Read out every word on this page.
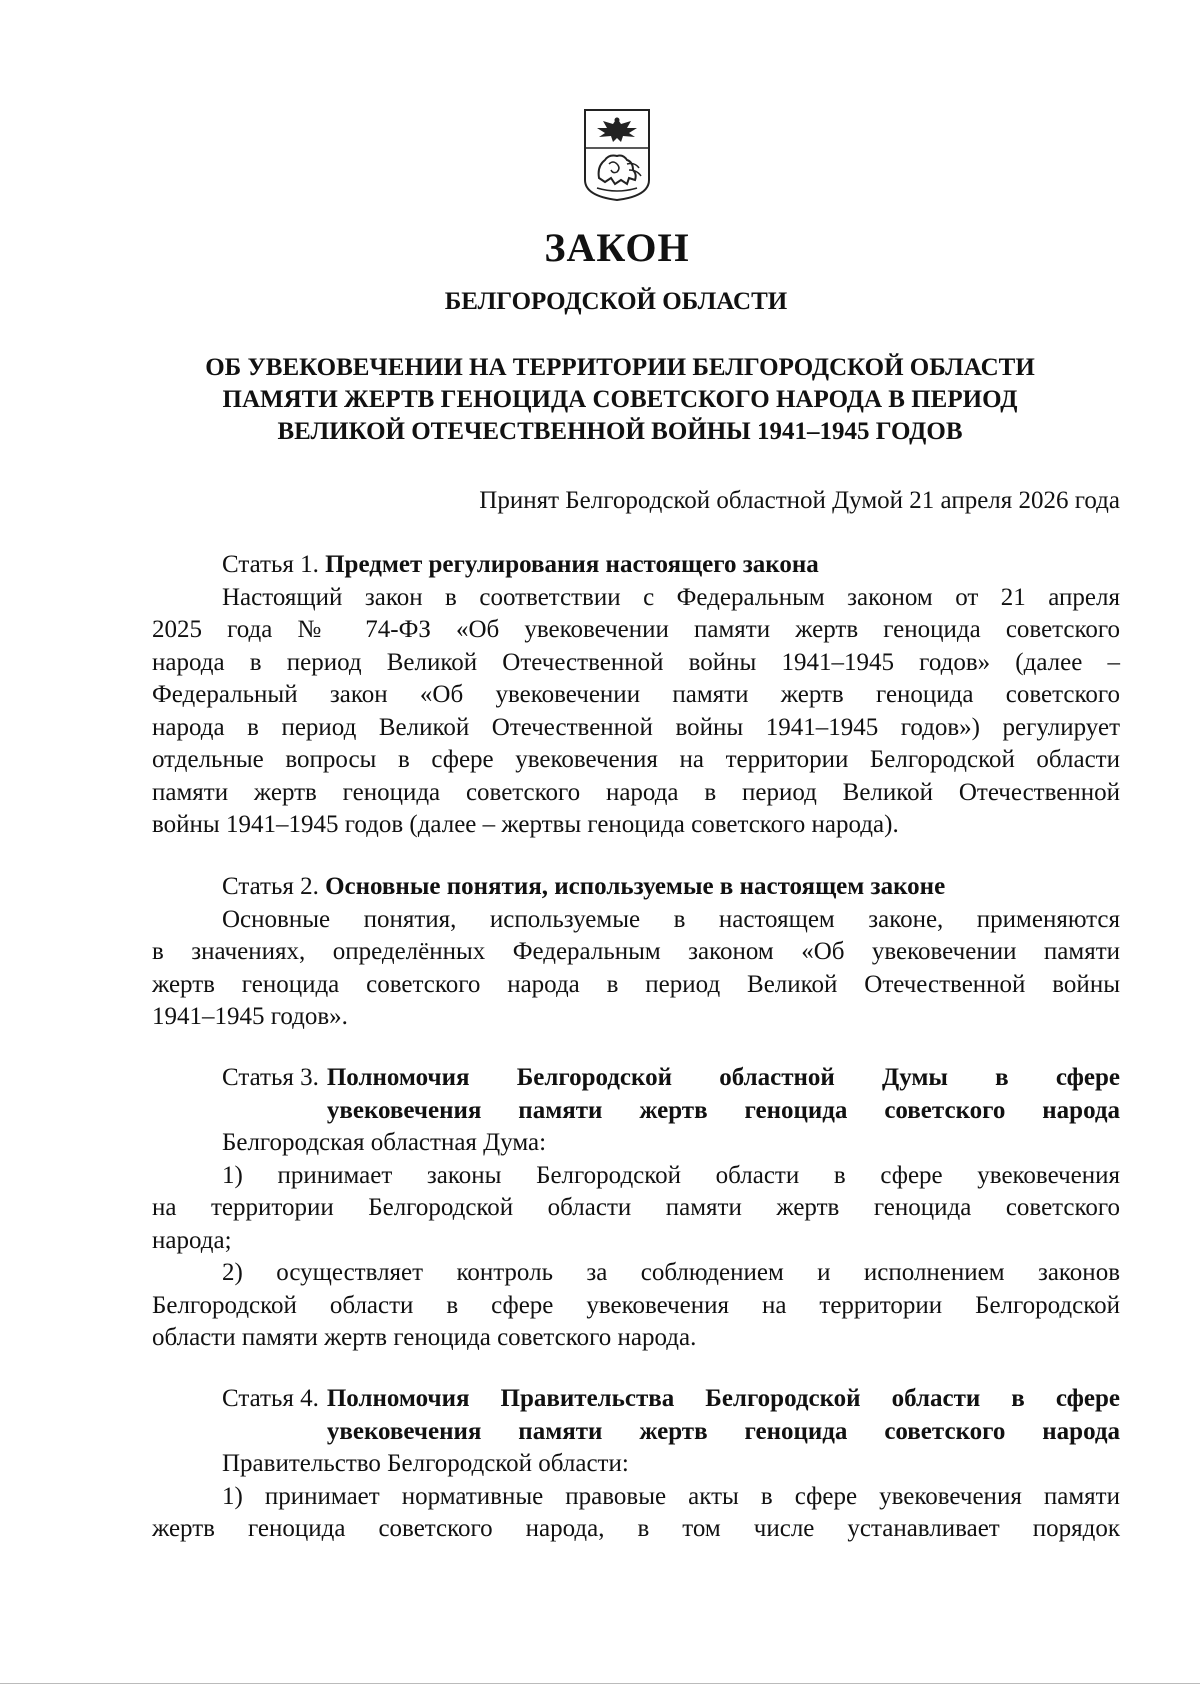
ЗАКОН
БЕЛГОРОДСКОЙ ОБЛАСТИ
ОБ УВЕКОВЕЧЕНИИ НА ТЕРРИТОРИИ БЕЛГОРОДСКОЙ ОБЛАСТИ
ПАМЯТИ ЖЕРТВ ГЕНОЦИДА СОВЕТСКОГО НАРОДА В ПЕРИОД
ВЕЛИКОЙ ОТЕЧЕСТВЕННОЙ ВОЙНЫ 1941–1945 ГОДОВ
Принят Белгородской областной Думой 21 апреля 2026 года
Статья 1. Предмет регулирования настоящего закона
Настоящий закон в соответствии с Федеральным законом от 21 апреля
2025 года № 74-ФЗ «Об увековечении памяти жертв геноцида советского
народа в период Великой Отечественной войны 1941–1945 годов» (далее –
Федеральный закон «Об увековечении памяти жертв геноцида советского
народа в период Великой Отечественной войны 1941–1945 годов») регулирует
отдельные вопросы в сфере увековечения на территории Белгородской области
памяти жертв геноцида советского народа в период Великой Отечественной
войны 1941–1945 годов (далее – жертвы геноцида советского народа).
Статья 2. Основные понятия, используемые в настоящем законе
Основные понятия, используемые в настоящем законе, применяются
в значениях, определённых Федеральным законом «Об увековечении памяти
жертв геноцида советского народа в период Великой Отечественной войны
1941–1945 годов».
Статья 3. Полномочия Белгородской областной Думы в сфере
увековечения памяти жертв геноцида советского народа
Белгородская областная Дума:
1) принимает законы Белгородской области в сфере увековечения
на территории Белгородской области памяти жертв геноцида советского
народа;
2) осуществляет контроль за соблюдением и исполнением законов
Белгородской области в сфере увековечения на территории Белгородской
области памяти жертв геноцида советского народа.
Статья 4. Полномочия Правительства Белгородской области в сфере
увековечения памяти жертв геноцида советского народа
Правительство Белгородской области:
1) принимает нормативные правовые акты в сфере увековечения памяти
жертв геноцида советского народа, в том числе устанавливает порядок
